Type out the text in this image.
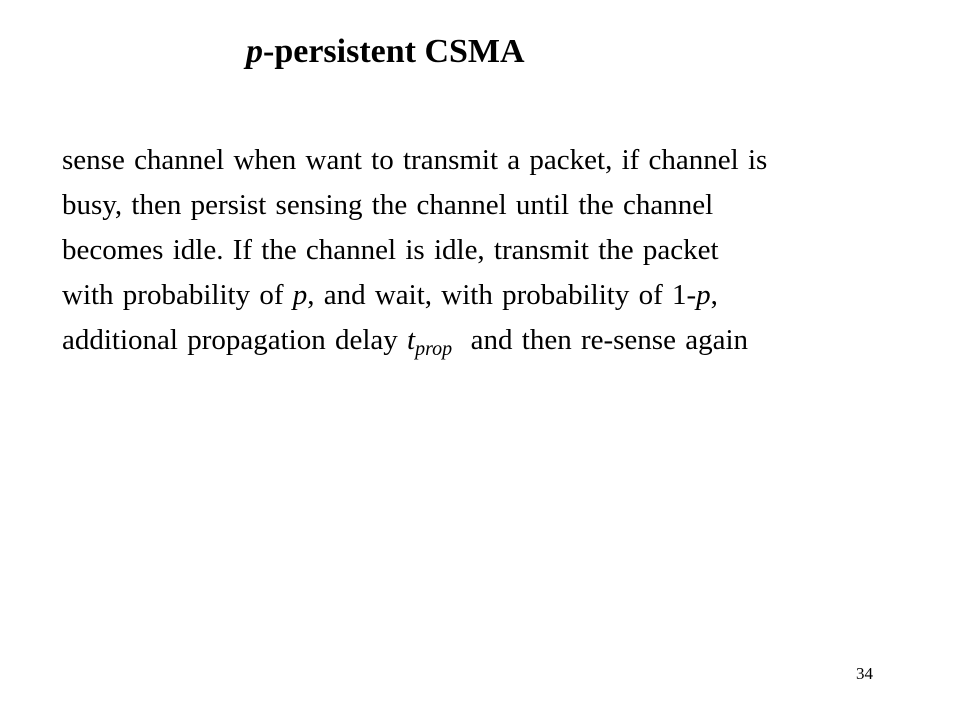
p-persistent CSMA
sense channel when want to transmit a packet, if channel is
busy, then persist sensing the channel until the channel
becomes idle. If the channel is idle, transmit the packet
with probability of p, and wait, with probability of 1-p,
additional propagation delay $t_{prop}$  and then re-sense again
34
